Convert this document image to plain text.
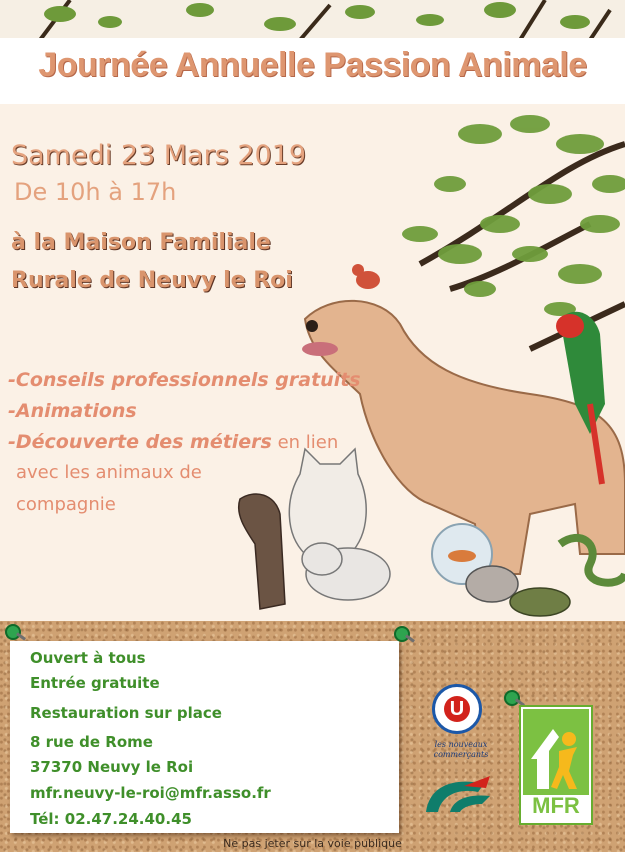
Journée Annuelle Passion Animale
Samedi 23 Mars 2019
De 10h à 17h
à la Maison Familiale
Rurale de Neuvy le Roi
-Conseils professionnels gratuits
-Animations
-Découverte des métiers en lien
avec les animaux de
compagnie
Ouvert à tous
Entrée gratuite
Restauration sur place
8 rue de Rome
37370 Neuvy le Roi
mfr.neuvy-le-roi@mfr.asso.fr
Tél: 02.47.24.40.45
U
les nouveaux commerçants
MFR
Ne pas jeter sur la voie publique
